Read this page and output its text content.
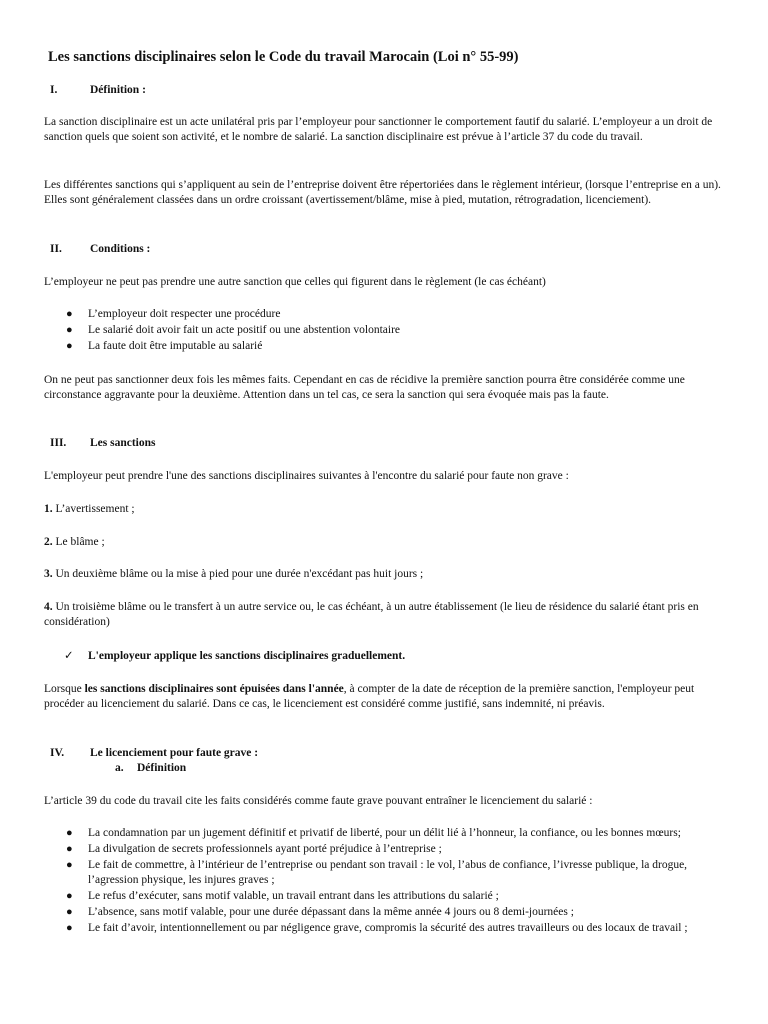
Les sanctions disciplinaires selon le Code du travail Marocain (Loi n° 55-99)
I.	Définition :

La sanction disciplinaire est un acte unilatéral pris par l’employeur pour sanctionner le comportement fautif du salarié. L’employeur a un droit de sanction quels que soient son activité, et le nombre de salarié. La sanction disciplinaire est prévue à l’article 37 du code du travail.

Les différentes sanctions qui s’appliquent au sein de l’entreprise doivent être répertoriées dans le règlement intérieur, (lorsque l’entreprise en a un). Elles sont généralement classées dans un ordre croissant (avertissement/blâme, mise à pied, mutation, rétrogradation, licenciement).

II. Conditions :

L’employeur ne peut pas prendre une autre sanction que celles qui figurent dans le règlement (le cas échéant)

● L’employeur doit respecter une procédure
● Le salarié doit avoir fait un acte positif ou une abstention volontaire
● La faute doit être imputable au salarié

On ne peut pas sanctionner deux fois les mêmes faits. Cependant en cas de récidive la première sanction pourra être considérée comme une circonstance aggravante pour la deuxième. Attention dans un tel cas, ce sera la sanction qui sera évoquée mais pas la faute.

III. Les sanctions

L'employeur peut prendre l'une des sanctions disciplinaires suivantes à l'encontre du salarié pour faute non grave :

1. L’avertissement ;

2. Le blâme ;

3. Un deuxième blâme ou la mise à pied pour une durée n'excédant pas huit jours ;

4. Un troisième blâme ou le transfert à un autre service ou, le cas échéant, à un autre établissement (le lieu de résidence du salarié étant pris en considération)

✓ L'employeur applique les sanctions disciplinaires graduellement.

Lorsque les sanctions disciplinaires sont épuisées dans l'année, à compter de la date de réception de la première sanction, l'employeur peut procéder au licenciement du salarié. Dans ce cas, le licenciement est considéré comme justifié, sans indemnité, ni préavis.

IV. Le licenciement pour faute grave :
a. Définition

L’article 39 du code du travail cite les faits considérés comme faute grave pouvant entraîner le licenciement du salarié :

● La condamnation par un jugement définitif et privatif de liberté, pour un délit lié à l’honneur, la confiance, ou les bonnes mœurs;
● La divulgation de secrets professionnels ayant porté préjudice à l’entreprise ;
● Le fait de commettre, à l’intérieur de l’entreprise ou pendant son travail : le vol, l’abus de confiance, l’ivresse publique, la drogue, l’agression physique, les injures graves ;
● Le refus d’exécuter, sans motif valable, un travail entrant dans les attributions du salarié ;
● L’absence, sans motif valable, pour une durée dépassant dans la même année 4 jours ou 8 demi-journées ;
● Le fait d’avoir, intentionnellement ou par négligence grave, compromis la sécurité des autres travailleurs ou des locaux de travail ;
